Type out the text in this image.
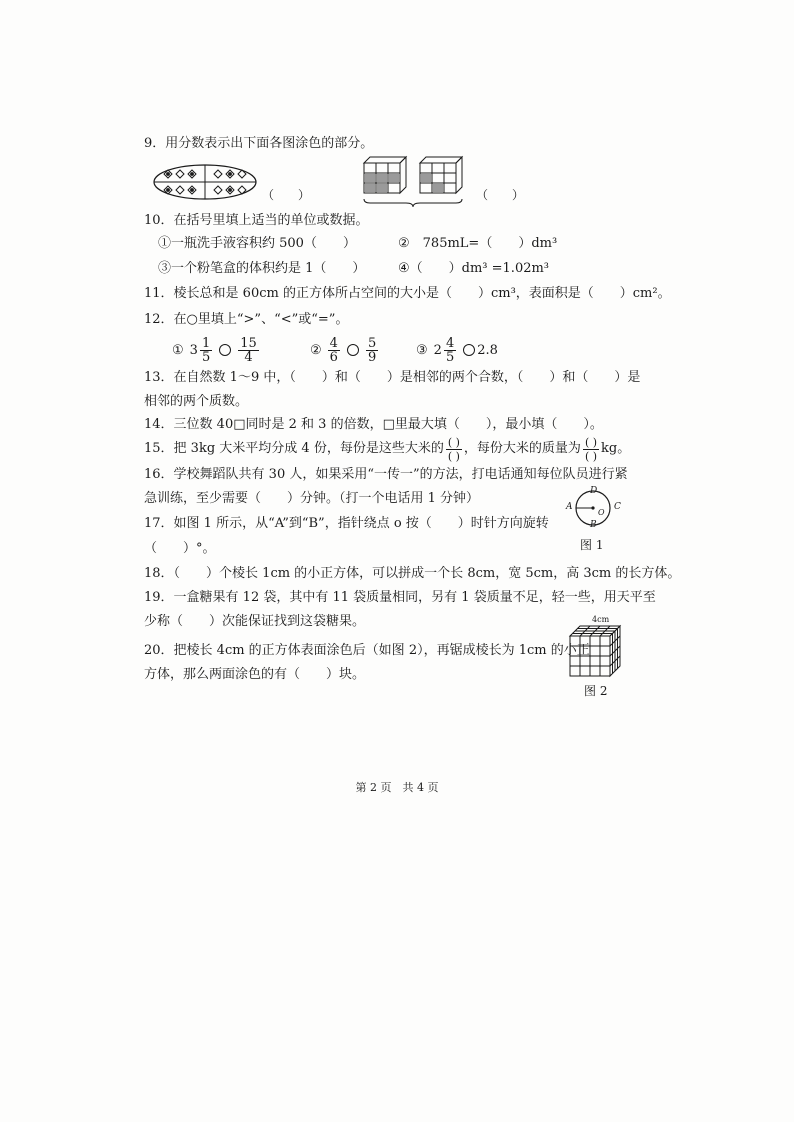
9．用分数表示出下面各图涂色的部分。
（　　）	（　　）
10．在括号里填上适当的单位或数据。
①一瓶洗手液容积约 500（　　）	②　785mL=（　　）dm³
③一个粉笔盒的体积约是 1（　　）	④（　　）dm³ =1.02m³
11．棱长总和是 60cm 的正方体所占空间的大小是（　　）cm³，表面积是（　　）cm²。
12．在○里填上“>”、“<”或“=”。
① $3 \frac{1}{5} \frac{15}{4}$	② $\frac{4}{6} \frac{5}{9}$	③ $2 \frac{4}{5} 2.8$
13．在自然数 1～9 中，（　　）和（　　）是相邻的两个合数，（　　）和（　　）是
相邻的两个质数。
14．三位数 40□同时是 2 和 3 的倍数，□里最大填（　　），最小填（　　）。
15．把 3kg 大米平均分成 4 份，每份是这些大米的 $\frac{( )}{( )}$ ，每份大米的质量为 $\frac{( )}{( )}$ kg。
16．学校舞蹈队共有 30 人，如果采用“一传一”的方法，打电话通知每位队员进行紧
急训练，至少需要（　　）分钟。（打一个电话用 1 分钟）
17．如图 1 所示，从“A”到“B”，指针绕点 o 按（　　）时针方向旋转
（　　）°。
A
D
C
B
O
图 1
18．（　　）个棱长 1cm 的小正方体，可以拼成一个长 8cm，宽 5cm，高 3cm 的长方体。
19．一盒糖果有 12 袋，其中有 11 袋质量相同，另有 1 袋质量不足，轻一些，用天平至
少称（　　）次能保证找到这袋糖果。
20．把棱长 4cm 的正方体表面涂色后（如图 2），再锯成棱长为 1cm 的小正
方体，那么两面涂色的有（　　）块。
4cm
图 2
第 2 页　共 4 页
